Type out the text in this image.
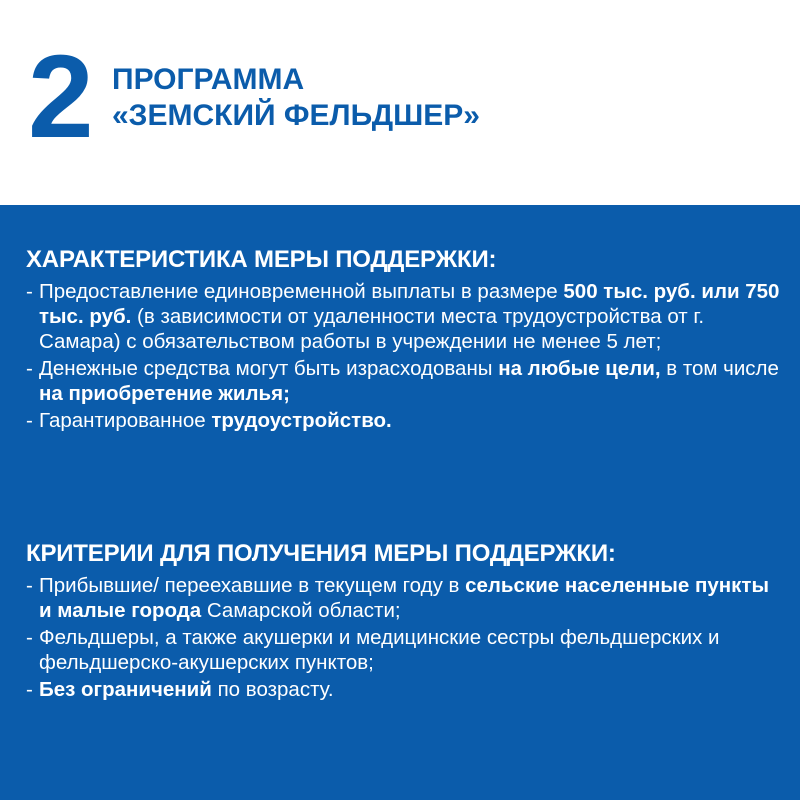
2 ПРОГРАММА
«ЗЕМСКИЙ ФЕЛЬДШЕР»
ХАРАКТЕРИСТИКА МЕРЫ ПОДДЕРЖКИ:
- Предоставление единовременной выплаты в размере 500 тыс. руб. или 750 тыс. руб. (в зависимости от удаленности места трудоустройства от г. Самара) с обязательством работы в учреждении не менее 5 лет;
- Денежные средства могут быть израсходованы на любые цели, в том числе на приобретение жилья;
- Гарантированное трудоустройство.
КРИТЕРИИ ДЛЯ ПОЛУЧЕНИЯ МЕРЫ ПОДДЕРЖКИ:
- Прибывшие/ переехавшие в текущем году в сельские населенные пункты и малые города Самарской области;
- Фельдшеры, а также акушерки и медицинские сестры фельдшерских и фельдшерско-акушерских пунктов;
- Без ограничений по возрасту.
